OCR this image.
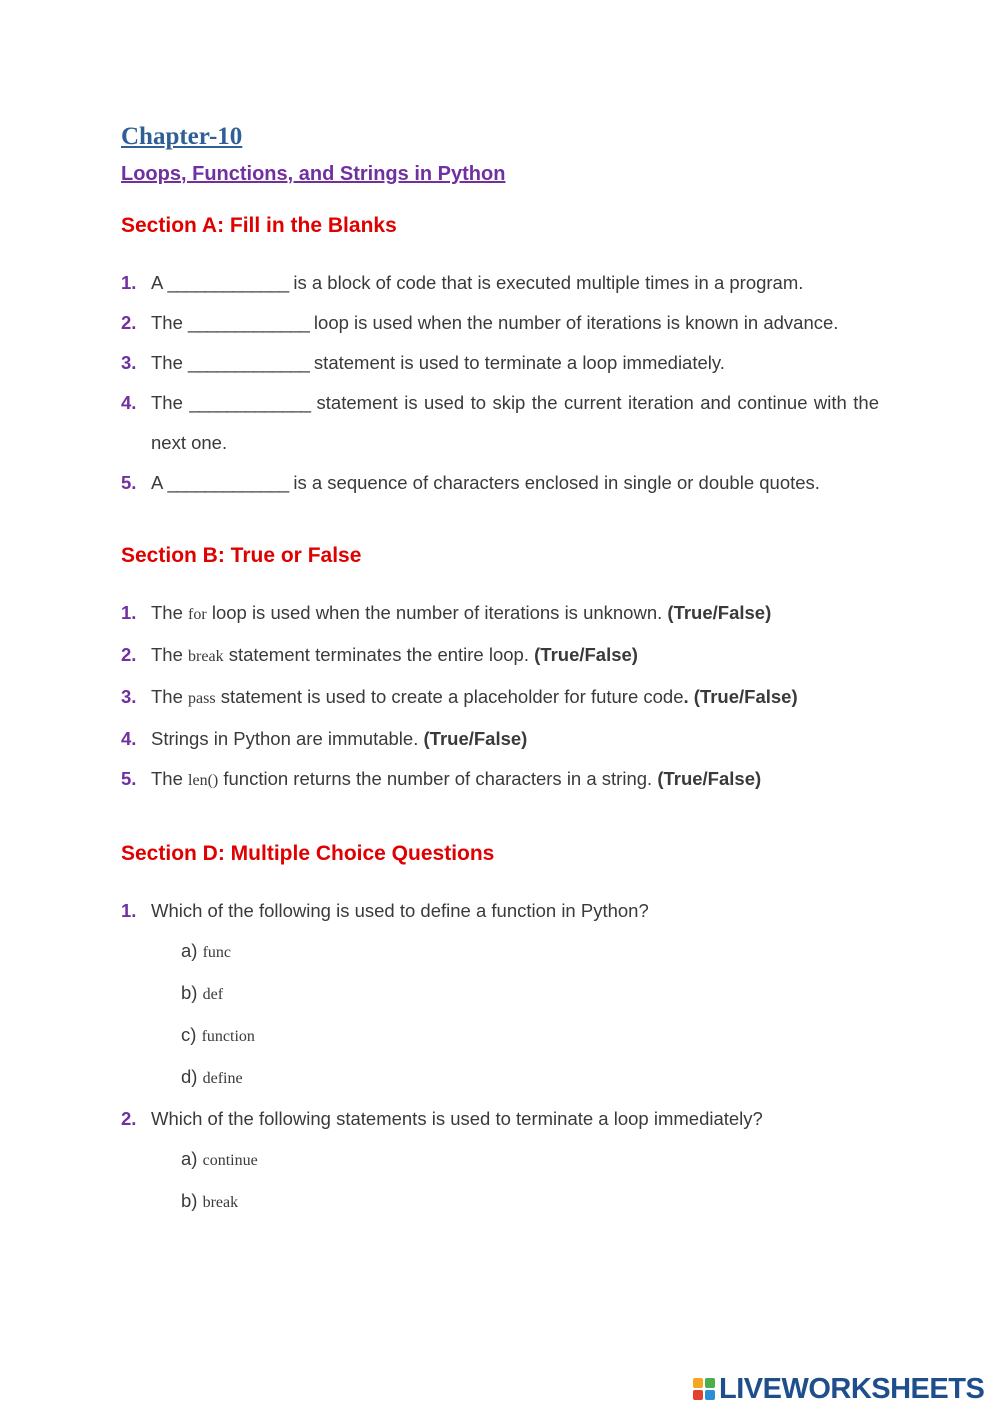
Chapter-10
Loops, Functions, and Strings in Python
Section A: Fill in the Blanks
1. A _____________ is a block of code that is executed multiple times in a program.
2. The _____________ loop is used when the number of iterations is known in advance.
3. The _____________ statement is used to terminate a loop immediately.
4. The _____________ statement is used to skip the current iteration and continue with the next one.
5. A _____________ is a sequence of characters enclosed in single or double quotes.
Section B: True or False
1. The for loop is used when the number of iterations is unknown. (True/False)
2. The break statement terminates the entire loop. (True/False)
3. The pass statement is used to create a placeholder for future code. (True/False)
4. Strings in Python are immutable. (True/False)
5. The len() function returns the number of characters in a string. (True/False)
Section D: Multiple Choice Questions
1. Which of the following is used to define a function in Python?
a) func
b) def
c) function
d) define
2. Which of the following statements is used to terminate a loop immediately?
a) continue
b) break
LIVEWORKSHEETS
